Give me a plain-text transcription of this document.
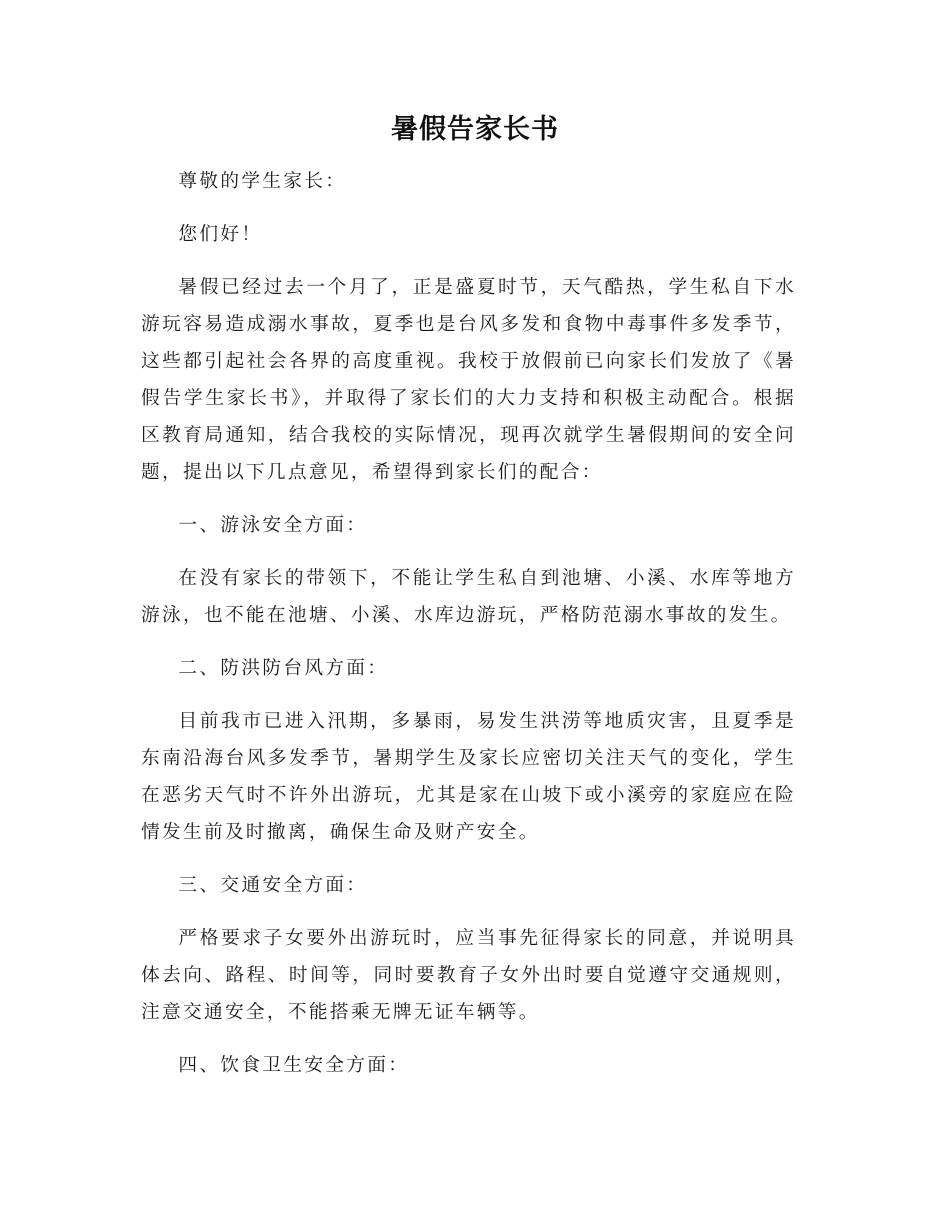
暑假告家长书

尊敬的学生家长：

您们好！

暑假已经过去一个月了，正是盛夏时节，天气酷热，学生私自下水游玩容易造成溺水事故，夏季也是台风多发和食物中毒事件多发季节，这些都引起社会各界的高度重视。我校于放假前已向家长们发放了《暑假告学生家长书》，并取得了家长们的大力支持和积极主动配合。根据区教育局通知，结合我校的实际情况，现再次就学生暑假期间的安全问题，提出以下几点意见，希望得到家长们的配合：

一、游泳安全方面：

在没有家长的带领下，不能让学生私自到池塘、小溪、水库等地方游泳，也不能在池塘、小溪、水库边游玩，严格防范溺水事故的发生。

二、防洪防台风方面：

目前我市已进入汛期，多暴雨，易发生洪涝等地质灾害，且夏季是东南沿海台风多发季节，暑期学生及家长应密切关注天气的变化，学生在恶劣天气时不许外出游玩，尤其是家在山坡下或小溪旁的家庭应在险情发生前及时撤离，确保生命及财产安全。

三、交通安全方面：

严格要求子女要外出游玩时，应当事先征得家长的同意，并说明具体去向、路程、时间等，同时要教育子女外出时要自觉遵守交通规则，注意交通安全，不能搭乘无牌无证车辆等。

四、饮食卫生安全方面：
